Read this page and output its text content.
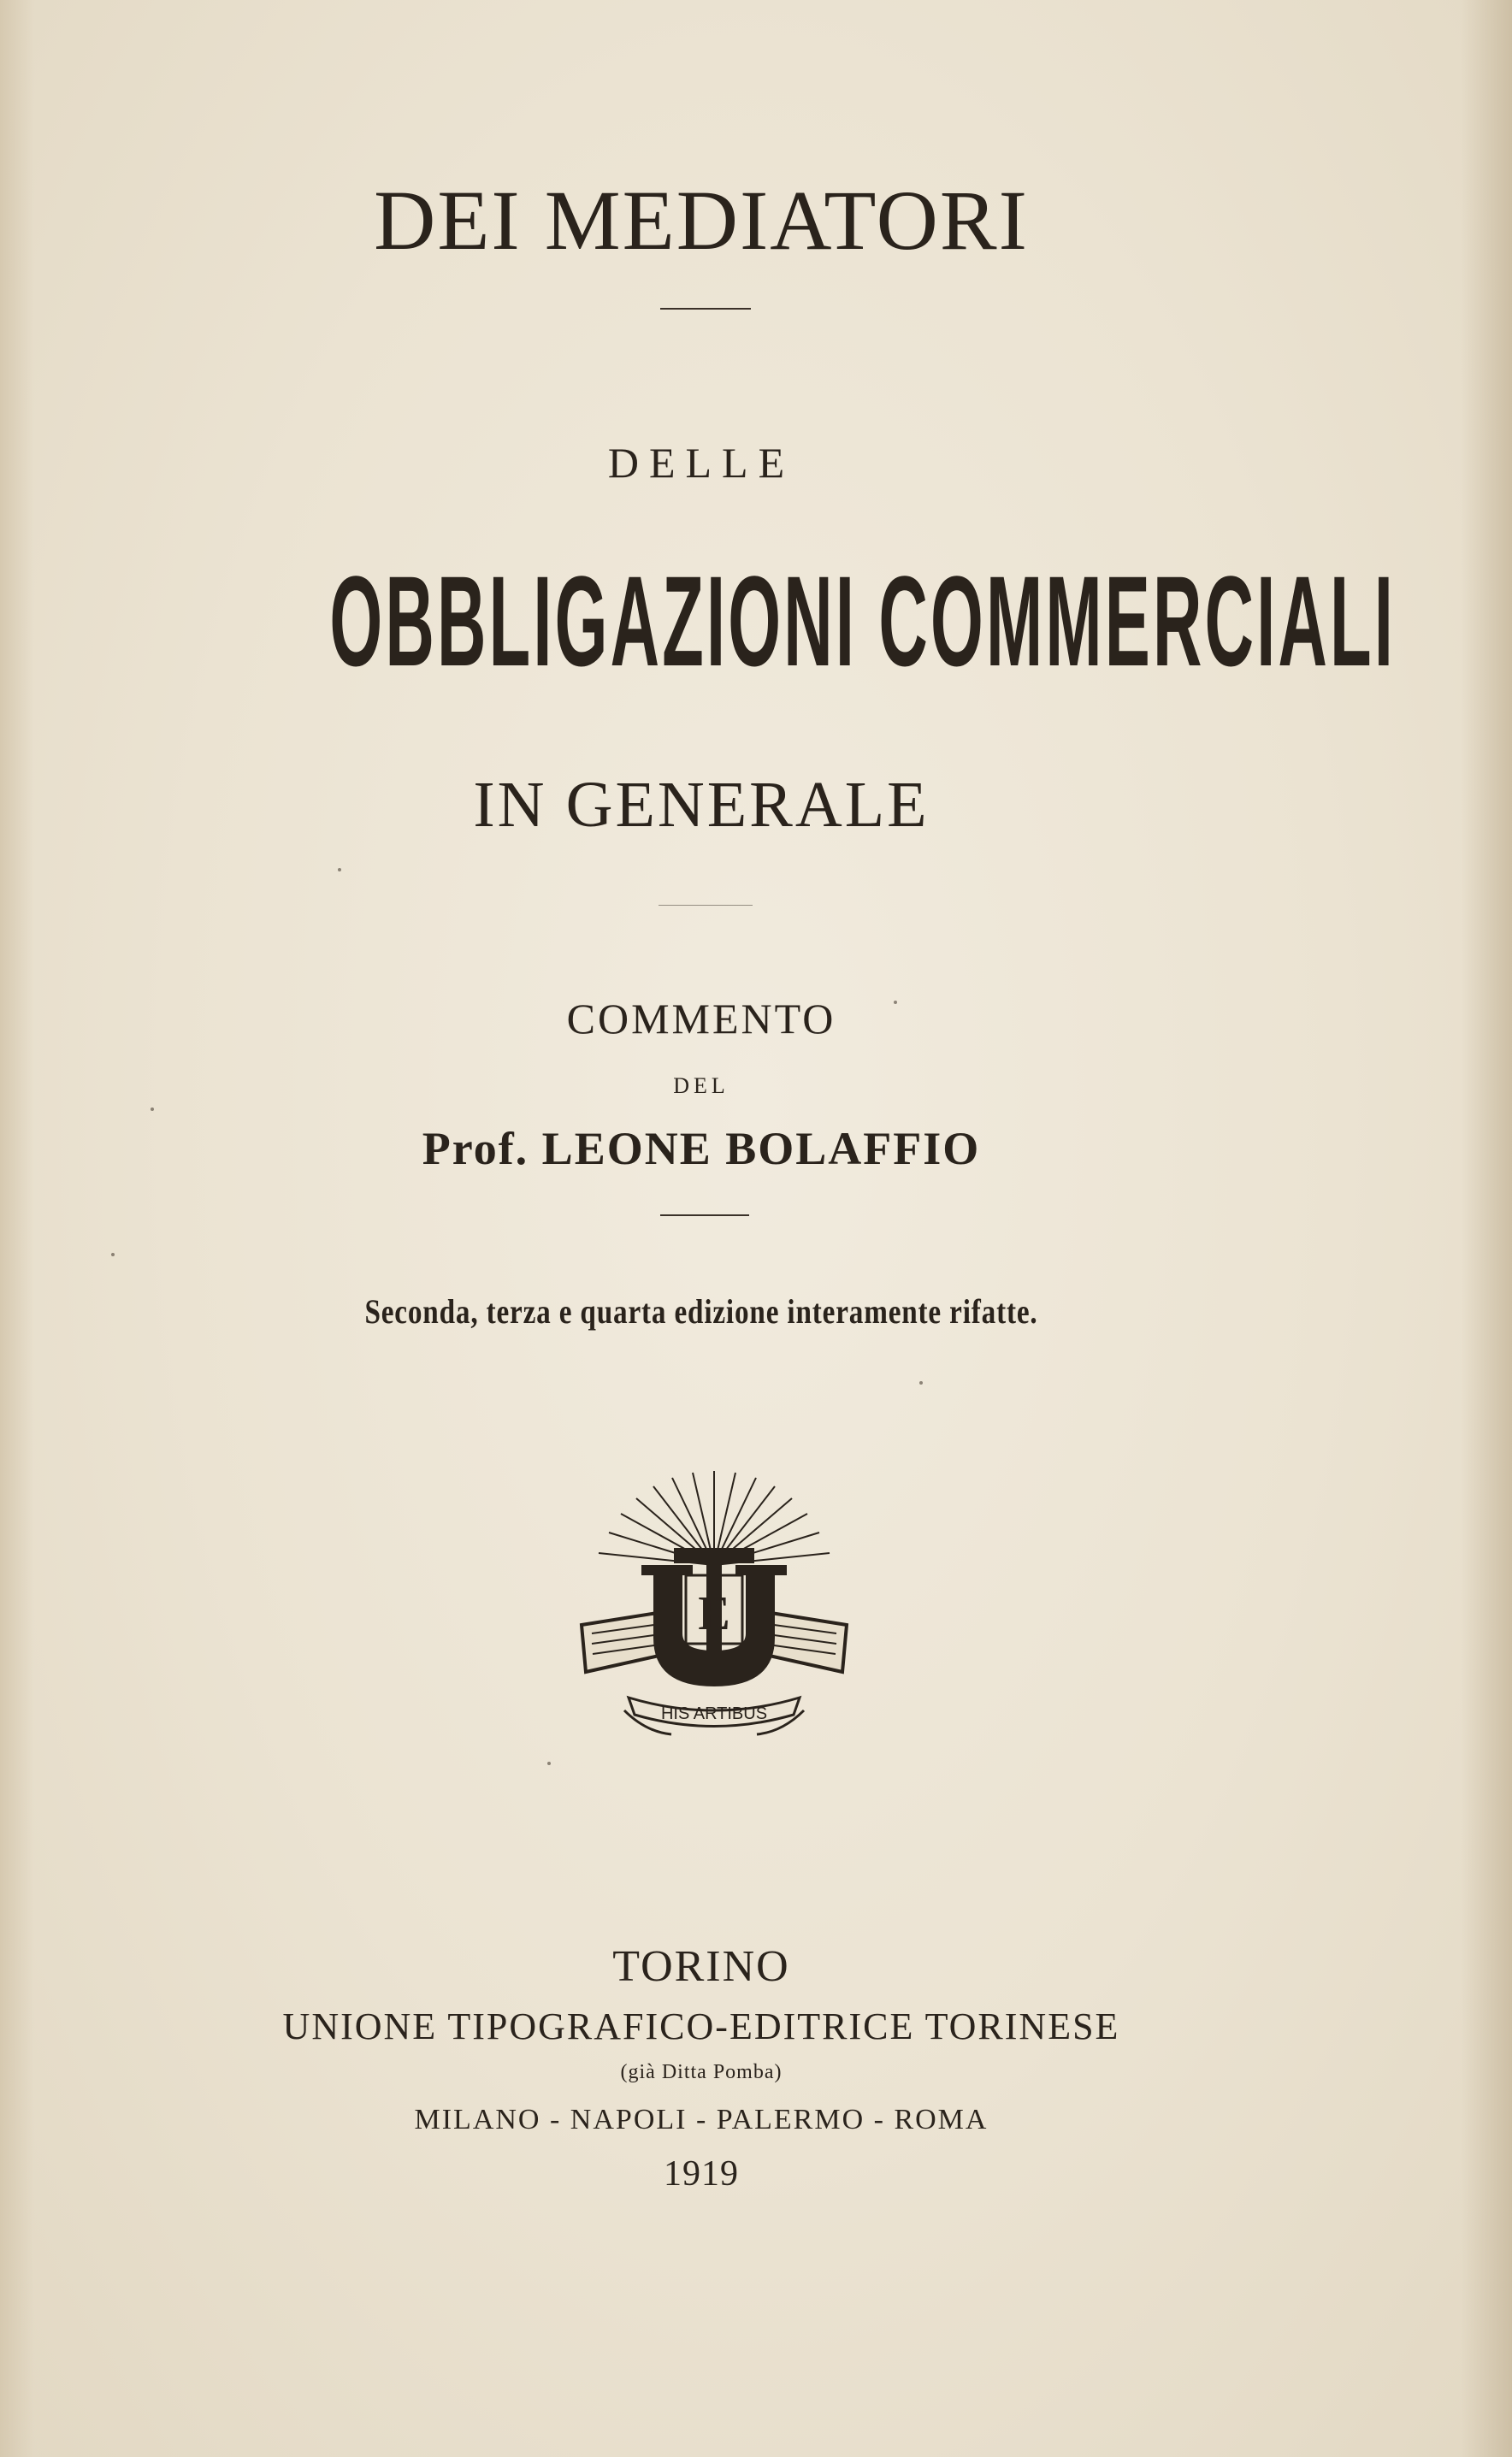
DEI MEDIATORI
DELLE
OBBLIGAZIONI COMMERCIALI
IN GENERALE
COMMENTO
DEL
Prof. LEONE BOLAFFIO
Seconda, terza e quarta edizione interamente rifatte.
E
HIS ARTIBUS
TORINO
UNIONE TIPOGRAFICO-EDITRICE TORINESE
(già Ditta Pomba)
MILANO - NAPOLI - PALERMO - ROMA
1919
